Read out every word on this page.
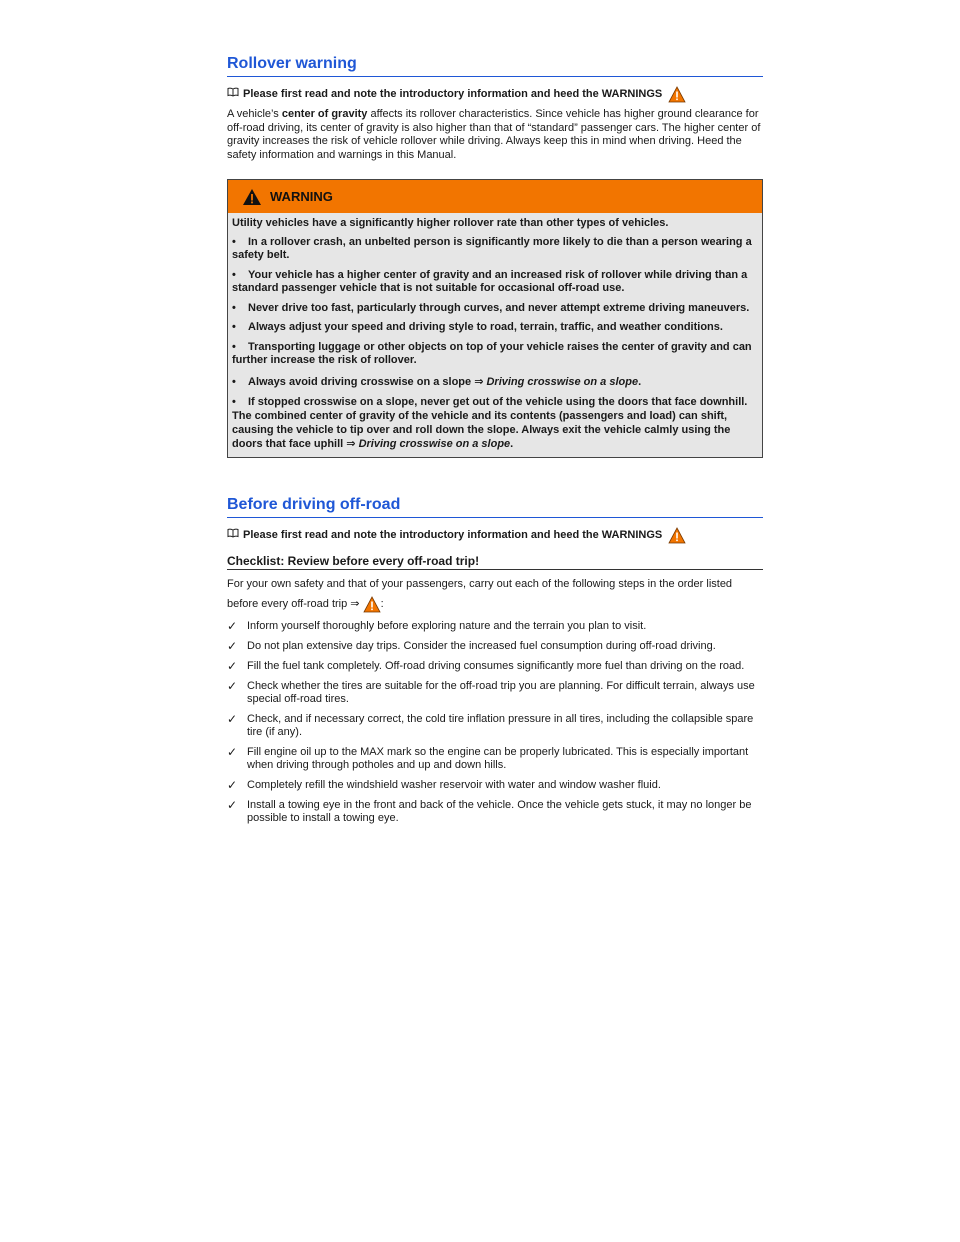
Rollover warning
Please first read and note the introductory information and heed the WARNINGS

A vehicle’s center of gravity affects its rollover characteristics. Since vehicle has higher ground clearance for off-road driving, its center of gravity is also higher than that of “standard” passenger cars. The higher center of gravity increases the risk of vehicle rollover while driving. Always keep this in mind when driving. Heed the safety information and warnings in this Manual.

WARNING

Utility vehicles have a significantly higher rollover rate than other types of vehicles.

• In a rollover crash, an unbelted person is significantly more likely to die than a person wearing a safety belt.

• Your vehicle has a higher center of gravity and an increased risk of rollover while driving than a standard passenger vehicle that is not suitable for occasional off-road use.

• Never drive too fast, particularly through curves, and never attempt extreme driving maneuvers.

• Always adjust your speed and driving style to road, terrain, traffic, and weather conditions.

• Transporting luggage or other objects on top of your vehicle raises the center of gravity and can further increase the risk of rollover.

• Always avoid driving crosswise on a slope ⇒ Driving crosswise on a slope.

• If stopped crosswise on a slope, never get out of the vehicle using the doors that face downhill. The combined center of gravity of the vehicle and its contents (passengers and load) can shift, causing the vehicle to tip over and roll down the slope. Always exit the vehicle calmly using the doors that face uphill ⇒ Driving crosswise on a slope.

Before driving off-road
Please first read and note the introductory information and heed the WARNINGS
Checklist: Review before every off-road trip!

For your own safety and that of your passengers, carry out each of the following steps in the order listed before every off-road trip ⇒ :

✓ Inform yourself thoroughly before exploring nature and the terrain you plan to visit.
✓ Do not plan extensive day trips. Consider the increased fuel consumption during off-road driving.
✓ Fill the fuel tank completely. Off-road driving consumes significantly more fuel than driving on the road.
✓ Check whether the tires are suitable for the off-road trip you are planning. For difficult terrain, always use special off-road tires.
✓ Check, and if necessary correct, the cold tire inflation pressure in all tires, including the collapsible spare tire (if any).
✓ Fill engine oil up to the MAX mark so the engine can be properly lubricated. This is especially important when driving through potholes and up and down hills.
✓ Completely refill the windshield washer reservoir with water and window washer fluid.
✓ Install a towing eye in the front and back of the vehicle. Once the vehicle gets stuck, it may no longer be possible to install a towing eye.
